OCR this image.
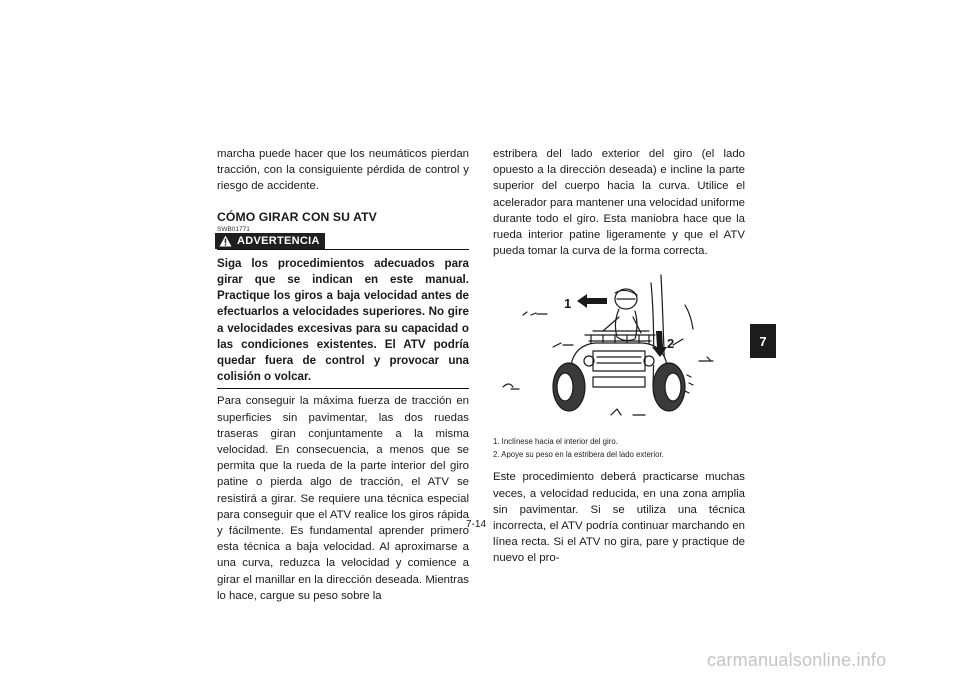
marcha puede hacer que los neumáticos pierdan tracción, con la consiguiente pérdida de control y riesgo de accidente.

CÓMO GIRAR CON SU ATV

SWB01771

ADVERTENCIA

Siga los procedimientos adecuados para girar que se indican en este manual. Practique los giros a baja velocidad antes de efectuarlos a velocidades superiores. No gire a velocidades excesivas para su capacidad o las condiciones existentes. El ATV podría quedar fuera de control y provocar una colisión o volcar.

Para conseguir la máxima fuerza de tracción en superficies sin pavimentar, las dos ruedas traseras giran conjuntamente a la misma velocidad. En consecuencia, a menos que se permita que la rueda de la parte interior del giro patine o pierda algo de tracción, el ATV se resistirá a girar. Se requiere una técnica especial para conseguir que el ATV realice los giros rápida y fácilmente. Es fundamental aprender primero esta técnica a baja velocidad. Al aproximarse a una curva, reduzca la velocidad y comience a girar el manillar en la dirección deseada. Mientras lo hace, cargue su peso sobre la

estribera del lado exterior del giro (el lado opuesto a la dirección deseada) e incline la parte superior del cuerpo hacia la curva. Utilice el acelerador para mantener una velocidad uniforme durante todo el giro. Esta maniobra hace que la rueda interior patine ligeramente y que el ATV pueda tomar la curva de la forma correcta.

1
2

1. Inclínese hacia el interior del giro.

2. Apoye su peso en la estribera del lado exterior.

Este procedimiento deberá practicarse muchas veces, a velocidad reducida, en una zona amplia sin pavimentar. Si se utiliza una técnica incorrecta, el ATV podría continuar marchando en línea recta. Si el ATV no gira, pare y practique de nuevo el pro-

7-14
7
carmanualsonline.info
